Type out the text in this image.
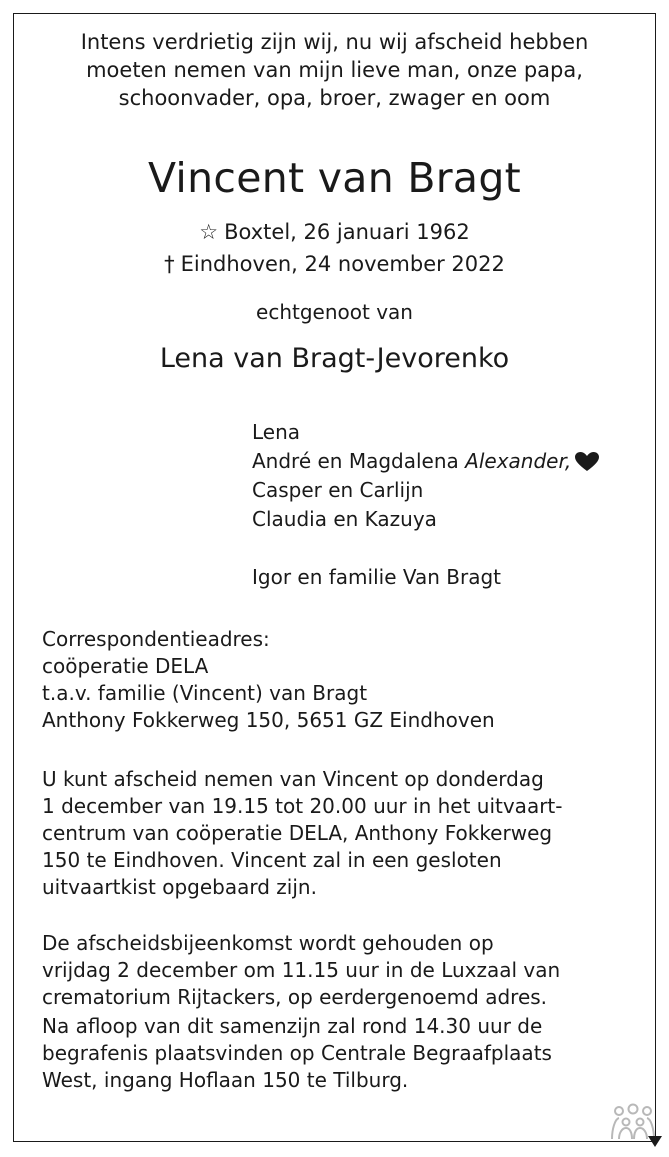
Intens verdrietig zijn wij, nu wij afscheid hebben
moeten nemen van mijn lieve man, onze papa,
schoonvader, opa, broer, zwager en oom
Vincent van Bragt
☆ Boxtel, 26 januari 1962
† Eindhoven, 24 november 2022
echtgenoot van
Lena van Bragt-Jevorenko
Lena
André en Magdalena Alexander,
Casper en Carlijn
Claudia en Kazuya
Igor en familie Van Bragt
Correspondentieadres:
coöperatie DELA
t.a.v. familie (Vincent) van Bragt
Anthony Fokkerweg 150, 5651 GZ Eindhoven
U kunt afscheid nemen van Vincent op donderdag
1 december van 19.15 tot 20.00 uur in het uitvaart-
centrum van coöperatie DELA, Anthony Fokkerweg
150 te Eindhoven. Vincent zal in een gesloten
uitvaartkist opgebaard zijn.
De afscheidsbijeenkomst wordt gehouden op
vrijdag 2 december om 11.15 uur in de Luxzaal van
crematorium Rijtackers, op eerdergenoemd adres.
Na afloop van dit samenzijn zal rond 14.30 uur de
begrafenis plaatsvinden op Centrale Begraafplaats
West, ingang Hoflaan 150 te Tilburg.
